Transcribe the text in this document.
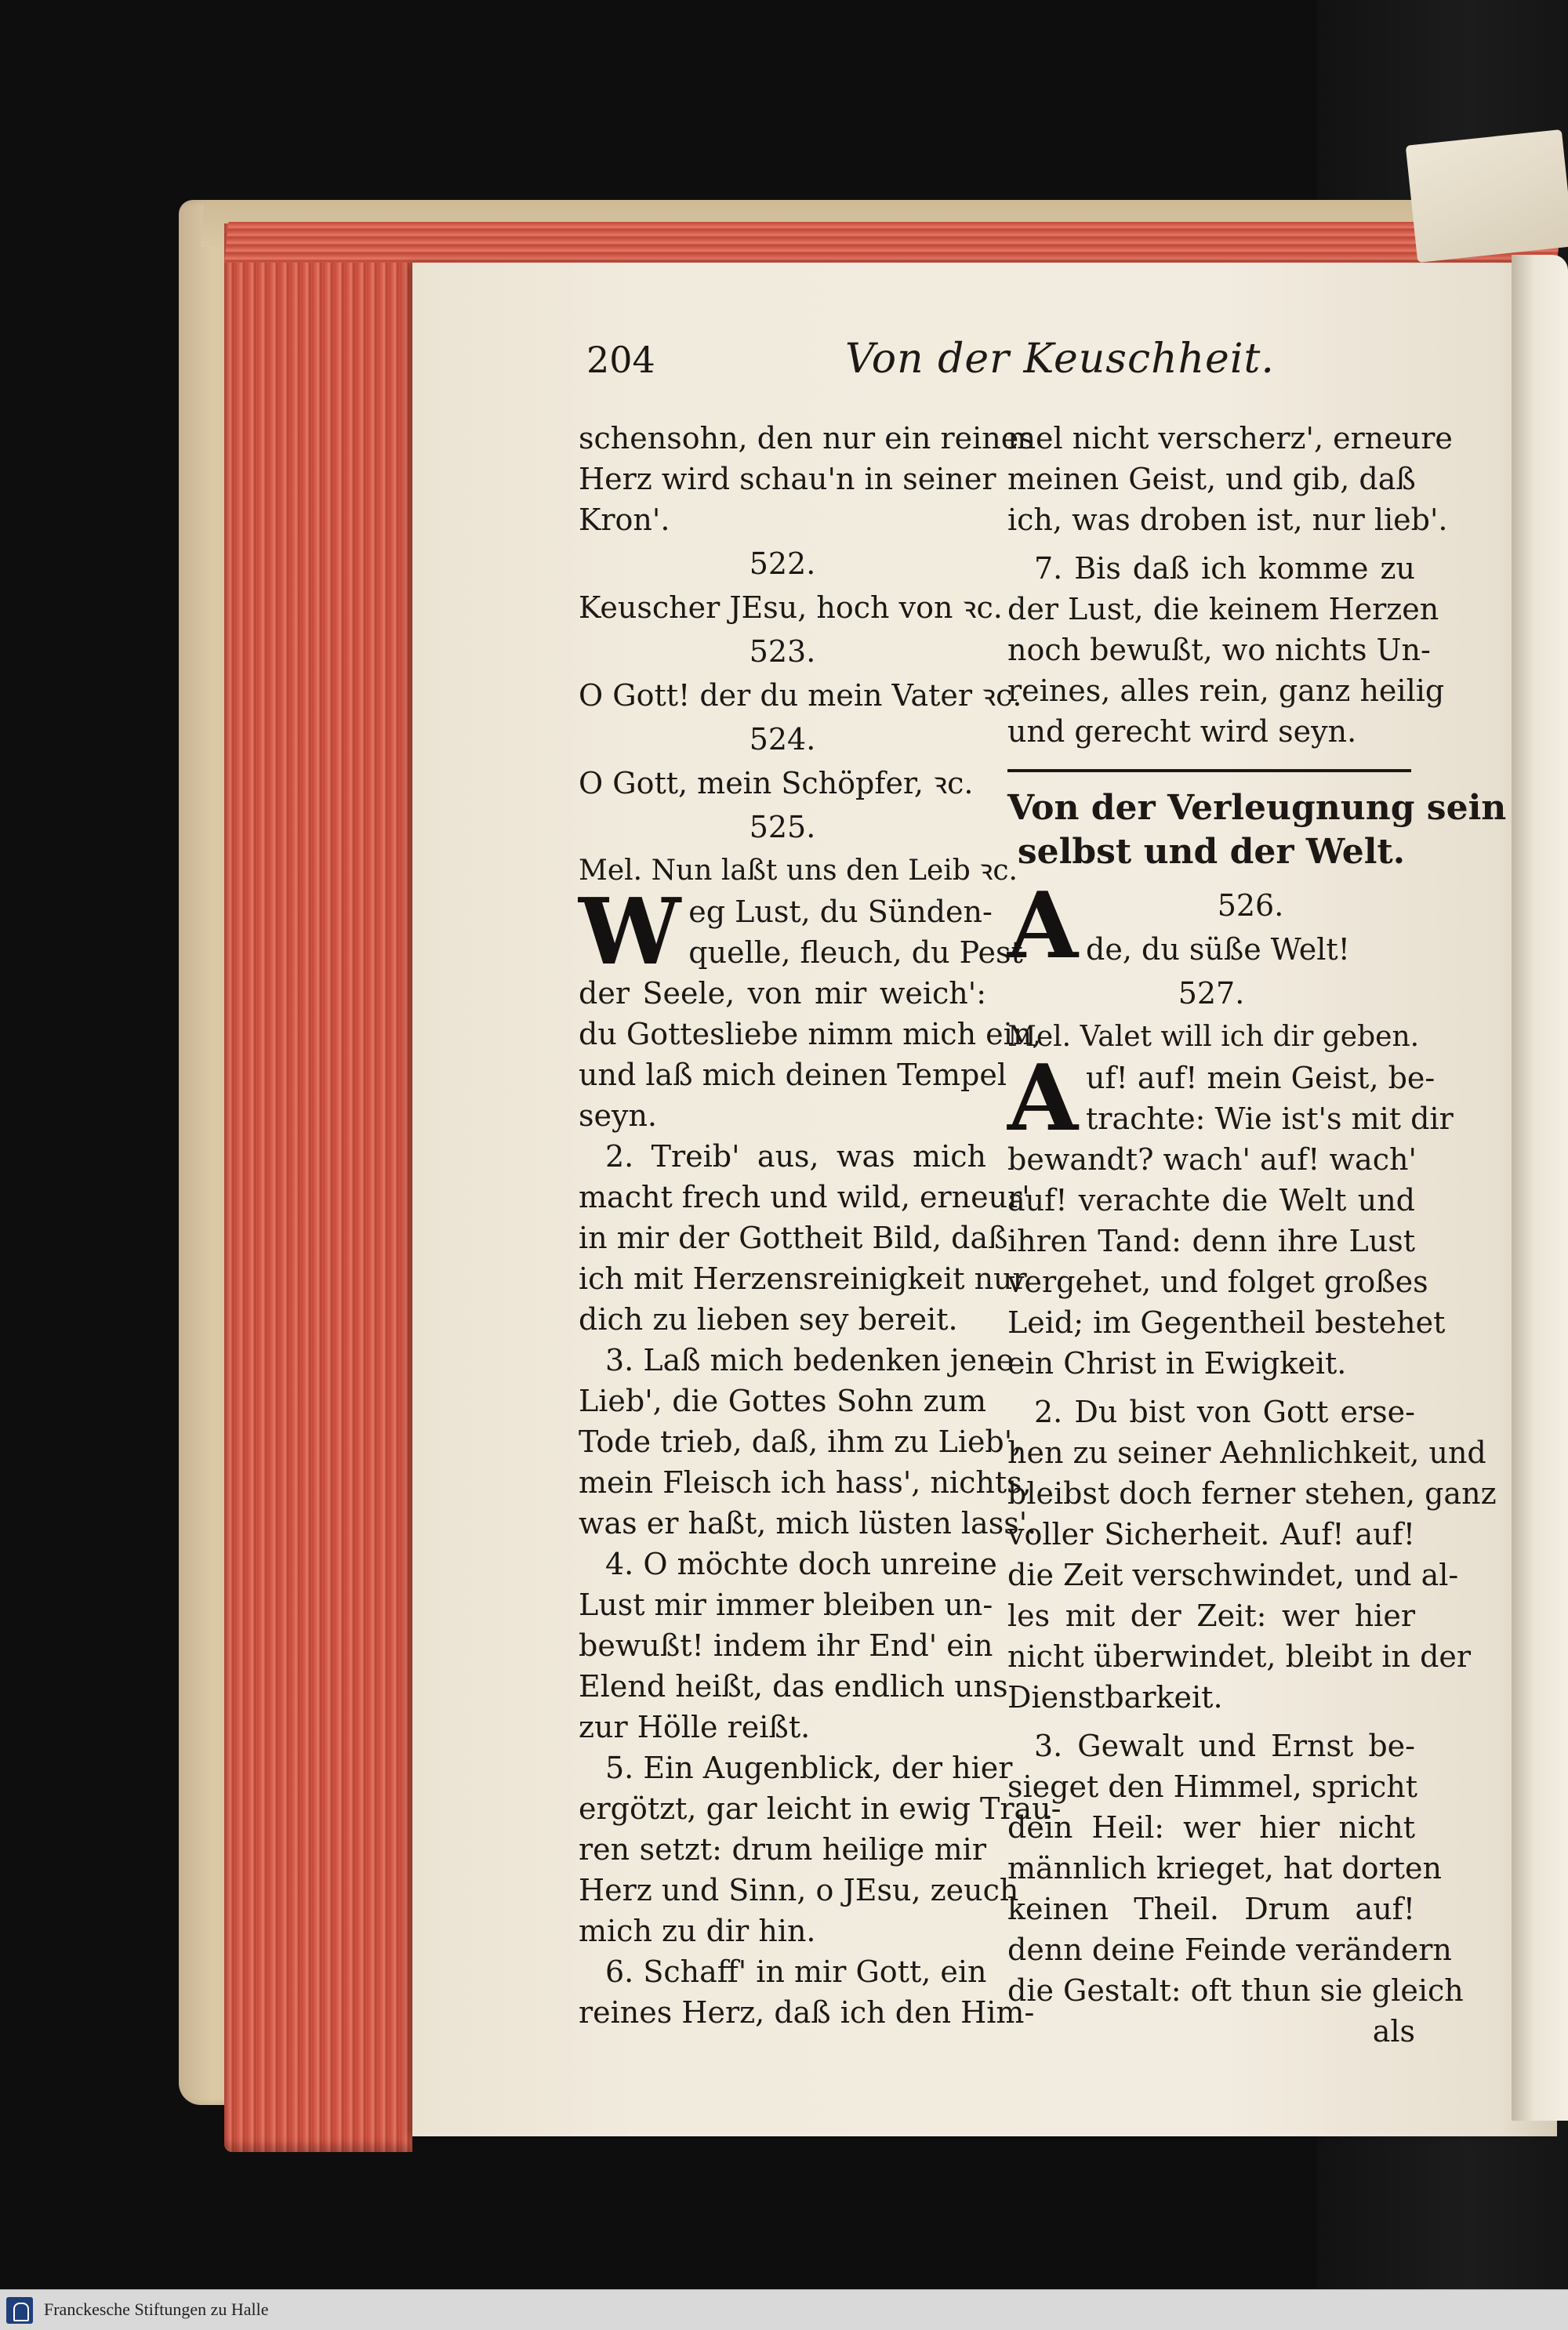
204	Von der Keuschheit.
schensohn, den nur ein reines
Herz wird schau'n in seiner
Kron'.
522.
Keuscher JEsu, hoch von ꝛc.
523.
O Gott! der du mein Vater ꝛc.
524.
O Gott, mein Schöpfer, ꝛc.
525.
Mel. Nun laßt uns den Leib ꝛc.
W eg Lust, du Sünden-
quelle, fleuch, du Pest
der Seele, von mir weich':
du Gottesliebe nimm mich ein,
und laß mich deinen Tempel
seyn.
2. Treib' aus, was mich
macht frech und wild, erneur'
in mir der Gottheit Bild, daß
ich mit Herzensreinigkeit nur
dich zu lieben sey bereit.
3. Laß mich bedenken jene
Lieb', die Gottes Sohn zum
Tode trieb, daß, ihm zu Lieb',
mein Fleisch ich hass', nichts,
was er haßt, mich lüsten lass'.
4. O möchte doch unreine
Lust mir immer bleiben un-
bewußt! indem ihr End' ein
Elend heißt, das endlich uns
zur Hölle reißt.
5. Ein Augenblick, der hier
ergötzt, gar leicht in ewig Trau-
ren setzt: drum heilige mir
Herz und Sinn, o JEsu, zeuch
mich zu dir hin.
6. Schaff' in mir Gott, ein
reines Herz, daß ich den Him-
mel nicht verscherz', erneure
meinen Geist, und gib, daß
ich, was droben ist, nur lieb'.
7. Bis daß ich komme zu
der Lust, die keinem Herzen
noch bewußt, wo nichts Un-
reines, alles rein, ganz heilig
und gerecht wird seyn.
Von der Verleugnung sein
selbst und der Welt.
A	526.
de, du süße Welt!
527.
Mel. Valet will ich dir geben.
A uf! auf! mein Geist, be-
trachte: Wie ist's mit dir
bewandt? wach' auf! wach'
auf! verachte die Welt und
ihren Tand: denn ihre Lust
vergehet, und folget großes
Leid; im Gegentheil bestehet
ein Christ in Ewigkeit.
2. Du bist von Gott erse-
hen zu seiner Aehnlichkeit, und
bleibst doch ferner stehen, ganz
voller Sicherheit. Auf! auf!
die Zeit verschwindet, und al-
les mit der Zeit: wer hier
nicht überwindet, bleibt in der
Dienstbarkeit.
3. Gewalt und Ernst be-
sieget den Himmel, spricht
dein Heil: wer hier nicht
männlich krieget, hat dorten
keinen Theil. Drum auf!
denn deine Feinde verändern
die Gestalt: oft thun sie gleich
als
Franckesche Stiftungen zu Halle
